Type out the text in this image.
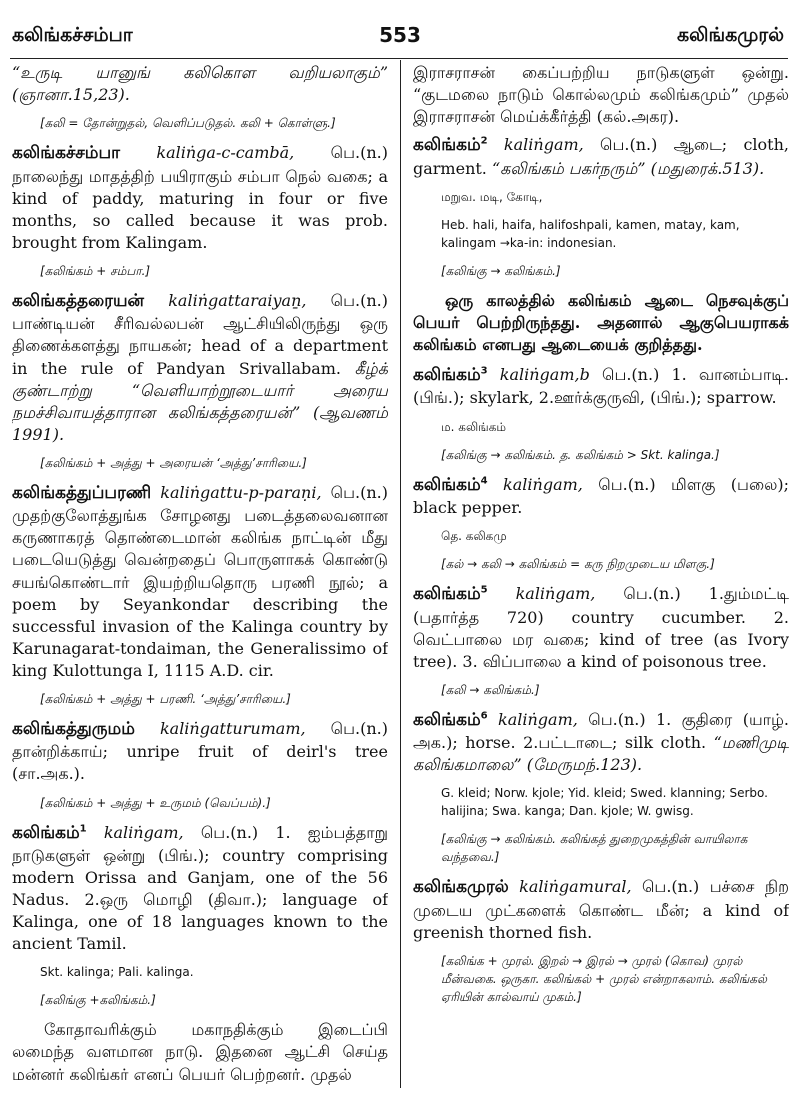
கலிங்கச்சம்பா	553	கலிங்கமுரல்
“உருடி யானுங் கலிகொள வறியலாகும்” (ஞானா.15,23).
[கலி = தோன்றுதல், வெளிப்படுதல். கலி + கொள்ளு.]
கலிங்கச்சம்பா kaliṅga-c-cambā, பெ.(n.) நாலைந்து மாதத்திற் பயிராகும் சம்பா நெல் வகை; a kind of paddy, maturing in four or five months, so called because it was prob. brought from Kalingam.
[கலிங்கம் + சம்பா.]
கலிங்கத்தரையன் kaliṅgattaraiyaṉ, பெ.(n.) பாண்டியன் சீரிவல்லபன் ஆட்சியிலிருந்து ஒரு திணைக்களத்து நாயகன்; head of a department in the rule of Pandyan Srivallabam. கீழ்க் குண்டாற்று “வெளியாற்றூடையார் அரைய நமச்சிவாயத்தாரான கலிங்கத்தரையன்” (ஆவணம் 1991).
[கலிங்கம் + அத்து + அரையன் ‘அத்து’சாரியை.]
கலிங்கத்துப்பரணி kaliṅgattu-p-paraṇi, பெ.(n.) முதற்குலோத்துங்க சோழனது படைத்தலைவனான கருணாகரத் தொண்டைமான் கலிங்க நாட்டின் மீது படையெடுத்து வென்றதைப் பொருளாகக் கொண்டு சயங்கொண்டார் இயற்றியதொரு பரணி நூல்; a poem by Seyankondar describing the successful invasion of the Kalinga country by Karunagarat-tondaiman, the Generalissimo of king Kulottunga I, 1115 A.D. cir.
[கலிங்கம் + அத்து + பரணி. ‘அத்து’சாரியை.]
கலிங்கத்துருமம் kaliṅgatturumam, பெ.(n.) தான்றிக்காய்; unripe fruit of deirl's tree (சா.அக.).
[கலிங்கம் + அத்து + உருமம் (வெப்பம்).]
கலிங்கம்$^1$ kaliṅgam, பெ.(n.) 1. ஐம்பத்தாறு நாடுகளுள் ஒன்று (பிங்.); country comprising modern Orissa and Ganjam, one of the 56 Nadus. 2.ஒரு மொழி (திவா.); language of Kalinga, one of 18 languages known to the ancient Tamil.
Skt. kalinga; Pali. kalinga.
[கலிங்கு +கலிங்கம்.]
கோதாவரிக்கும் மகாநதிக்கும் இடைப்பி லமைந்த வளமான நாடு. இதனை ஆட்சி செய்த மன்னர் கலிங்கர் எனப் பெயர் பெற்றனர். முதல்
இராசராசன் கைப்பற்றிய நாடுகளுள் ஒன்று. “குடமலை நாடும் கொல்லமும் கலிங்கமும்” முதல் இராசராசன் மெய்க்கீர்த்தி (கல்.அகர).
கலிங்கம்$^2$ kaliṅgam, பெ.(n.) ஆடை; cloth, garment. “கலிங்கம் பகர்நரும்” (மதுரைக்.513).
மறுவ. மடி, கோடி,
Heb. hali, haifa, halifoshpali, kamen, matay, kam, kalingam →ka-in: indonesian.
[கலிங்கு → கலிங்கம்.]
ஒரு காலத்தில் கலிங்கம் ஆடை நெசவுக்குப் பெயர் பெற்றிருந்தது. அதனால் ஆகுபெயராகக் கலிங்கம் எனபது ஆடையைக் குறித்தது.
கலிங்கம்$^3$ kaliṅgam,b பெ.(n.) 1. வானம்பாடி. (பிங்.); skylark, 2.ஊர்க்குருவி, (பிங்.); sparrow.
ம. கலிங்கம்
[கலிங்கு → கலிங்கம். த. கலிங்கம் > Skt. kalinga.]
கலிங்கம்$^4$ kaliṅgam, பெ.(n.) மிளகு (பலை); black pepper.
தெ. கலிகமு
[கல் → கலி → கலிங்கம் = கரு நிறமுடைய மிளகு.]
கலிங்கம்$^5$ kaliṅgam, பெ.(n.) 1.தும்மட்டி (பதார்த்த 720) country cucumber. 2. வெட்பாலை மர வகை; kind of tree (as Ivory tree). 3. விப்பாலை a kind of poisonous tree.
[கலி → கலிங்கம்.]
கலிங்கம்$^6$ kaliṅgam, பெ.(n.) 1. குதிரை (யாழ். அக.); horse. 2.பட்டாடை; silk cloth. “மணிமுடி கலிங்கமாலை” (மேருமந்.123).
G. kleid; Norw. kjole; Yid. kleid; Swed. klanning; Serbo. halijina; Swa. kanga; Dan. kjole; W. gwisg.
[கலிங்கு → கலிங்கம். கலிங்கத் துறைமுகத்தின் வாயிலாக வந்தவை.]
கலிங்கமுரல் kaliṅgamural, பெ.(n.) பச்சை நிற முடைய முட்களைக் கொண்ட மீன்; a kind of greenish thorned fish.
[கலிங்க + முரல். இறல் → இரல் → முரல் (கொவ) முரல் மீன்வகை. ஒருகா. கலிங்கல் + முரல் என்றாகலாம். கலிங்கல் ஏரியின் கால்வாய் முகம்.]
